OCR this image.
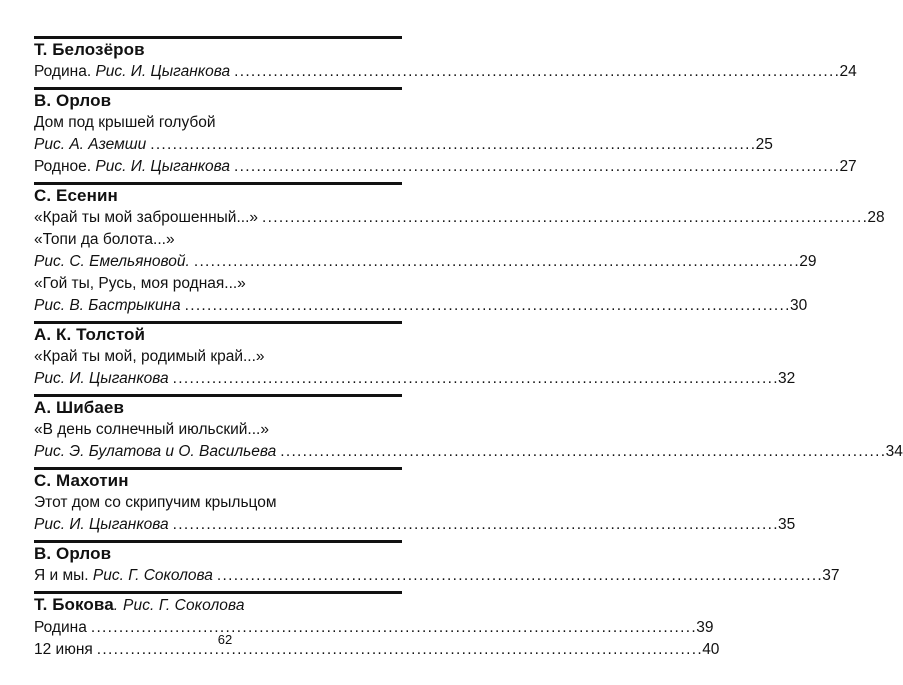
Т. Белозёров
Родина. Рис. И. Цыганкова . . .	24
В. Орлов
Дом под крышей голубой
Рис. А. Аземши . . .	25
Родное. Рис. И. Цыганкова . . .	27
С. Есенин
«Край ты мой заброшенный...» . . .	28
«Топи да болота...»
Рис. С. Емельяновой. . . .	29
«Гой ты, Русь, моя родная...»
Рис. В. Бастрыкина . . .	30
А. К. Толстой
«Край ты мой, родимый край...»
Рис. И. Цыганкова . . .	32
А. Шибаев
«В день солнечный июльский...»
Рис. Э. Булатова и О. Васильева . . .	34
С. Махотин
Этот дом со скрипучим крыльцом
Рис. И. Цыганкова . . .	35
В. Орлов
Я и мы. Рис. Г. Соколова . . .	37
Т. Бокова. Рис. Г. Соколова
Родина . . .	39
12 июня . . .	40
62
